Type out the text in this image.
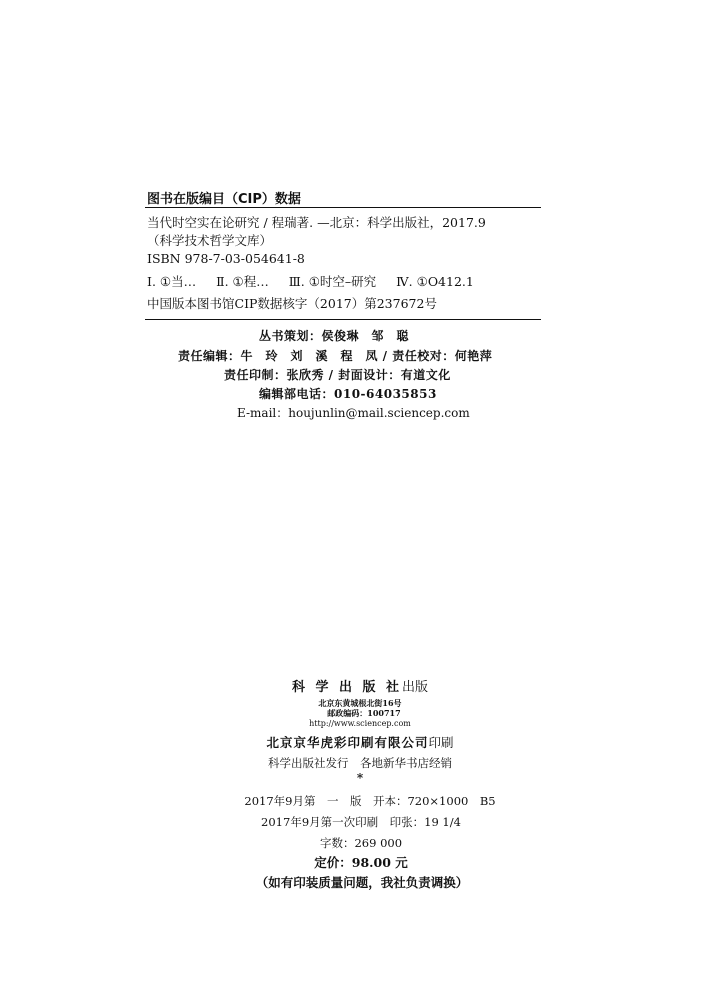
图书在版编目（CIP）数据
当代时空实在论研究 / 程瑞著. —北京：科学出版社，2017.9
（科学技术哲学文库）
ISBN 978-7-03-054641-8
Ⅰ. ①当… Ⅱ. ①程… Ⅲ. ①时空–研究 Ⅳ. ①O412.1
中国版本图书馆CIP数据核字（2017）第237672号
丛书策划：侯俊琳　邹　聪
责任编辑：牛　玲　刘　溪　程　凤 / 责任校对：何艳萍
责任印制：张欣秀 / 封面设计：有道文化
编辑部电话：010-64035853
E-mail：houjunlin@mail.sciencep.com
科 学 出 版 社出版
北京东黄城根北街16号
邮政编码：100717
http://www.sciencep.com
北京京华虎彩印刷有限公司印刷
科学出版社发行　各地新华书店经销
*
2017年9月第　一　版　开本：720×1000　B5
2017年9月第一次印刷　印张：19 1/4
字数：269 000
定价：98.00 元
（如有印装质量问题，我社负责调换）
